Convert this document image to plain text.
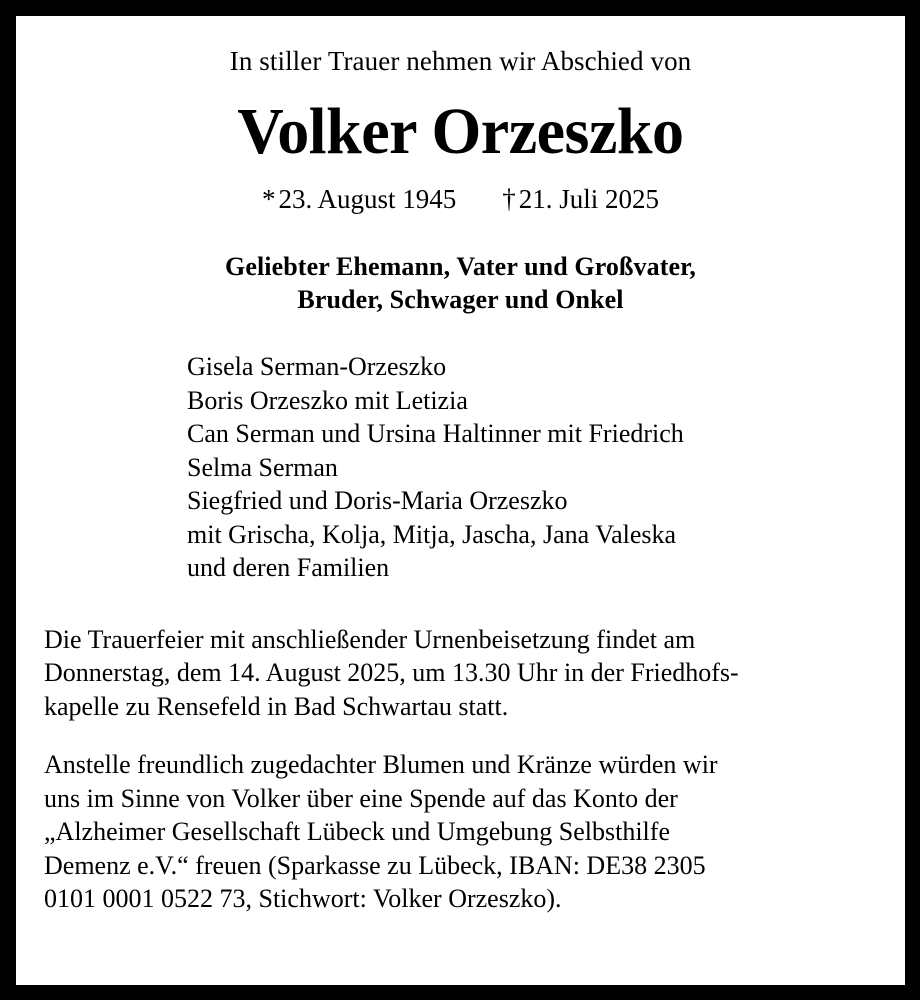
In stiller Trauer nehmen wir Abschied von
Volker Orzeszko
* 23. August 1945 † 21. Juli 2025
Geliebter Ehemann, Vater und Großvater,
Bruder, Schwager und Onkel
Gisela Serman-Orzeszko
Boris Orzeszko mit Letizia
Can Serman und Ursina Haltinner mit Friedrich
Selma Serman
Siegfried und Doris-Maria Orzeszko
mit Grischa, Kolja, Mitja, Jascha, Jana Valeska
und deren Familien

Die Trauerfeier mit anschließender Urnenbeisetzung findet am
Donnerstag, dem 14. August 2025, um 13.30 Uhr in der Friedhofs-
kapelle zu Rensefeld in Bad Schwartau statt.

Anstelle freundlich zugedachter Blumen und Kränze würden wir
uns im Sinne von Volker über eine Spende auf das Konto der
„Alzheimer Gesellschaft Lübeck und Umgebung Selbsthilfe
Demenz e.V.“ freuen (Sparkasse zu Lübeck, IBAN: DE38 2305
0101 0001 0522 73, Stichwort: Volker Orzeszko).
